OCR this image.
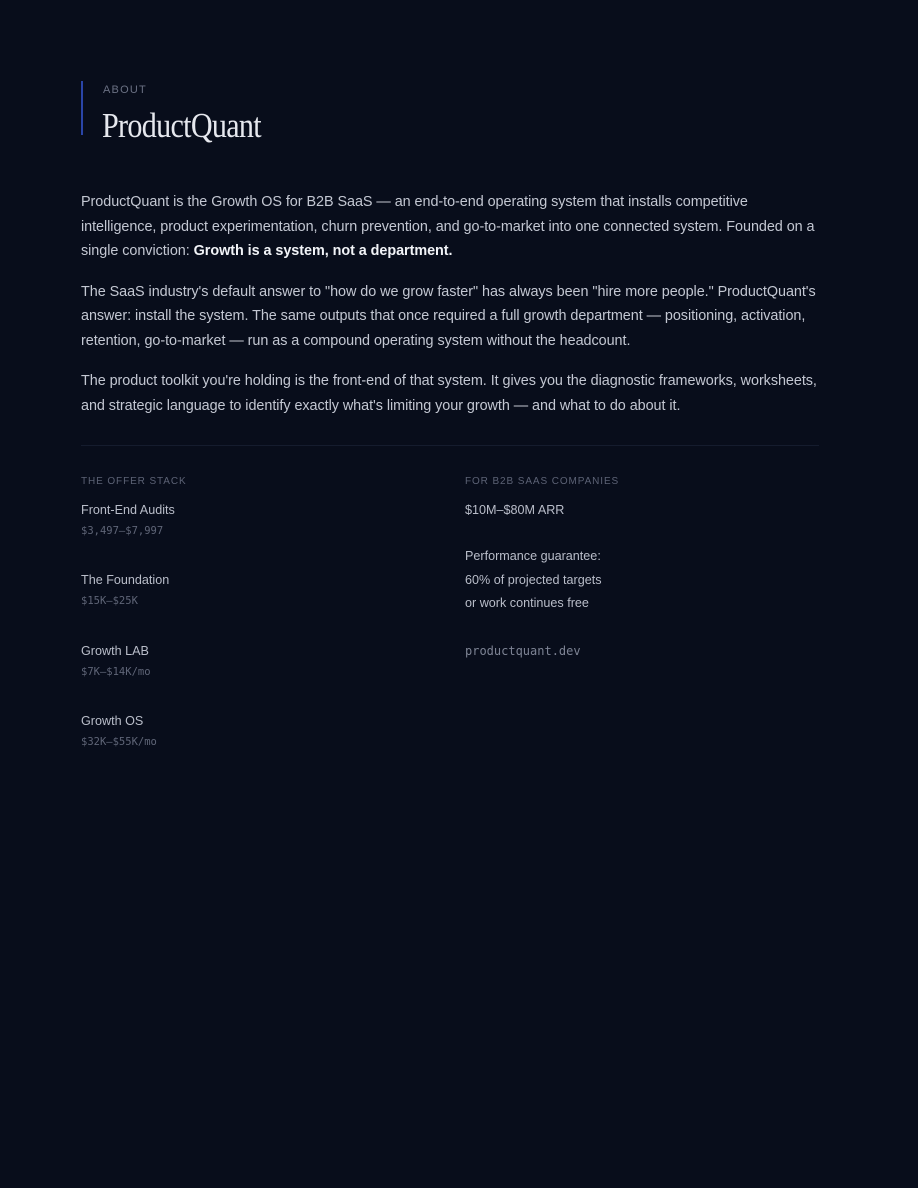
ABOUT
ProductQuant

ProductQuant is the Growth OS for B2B SaaS — an end-to-end operating system that installs competitive intelligence, product experimentation, churn prevention, and go-to-market into one connected system. Founded on a single conviction: Growth is a system, not a department.

The SaaS industry's default answer to "how do we grow faster" has always been "hire more people." ProductQuant's answer: install the system. The same outputs that once required a full growth department — positioning, activation, retention, go-to-market — run as a compound operating system without the headcount.

The product toolkit you're holding is the front-end of that system. It gives you the diagnostic frameworks, worksheets, and strategic language to identify exactly what's limiting your growth — and what to do about it.

THE OFFER STACK
Front-End Audits
$3,497–$7,997
The Foundation
$15K–$25K
Growth LAB
$7K–$14K/mo
Growth OS
$32K–$55K/mo
FOR B2B SAAS COMPANIES
$10M–$80M ARR
Performance guarantee:
60% of projected targets
or work continues free
productquant.dev
